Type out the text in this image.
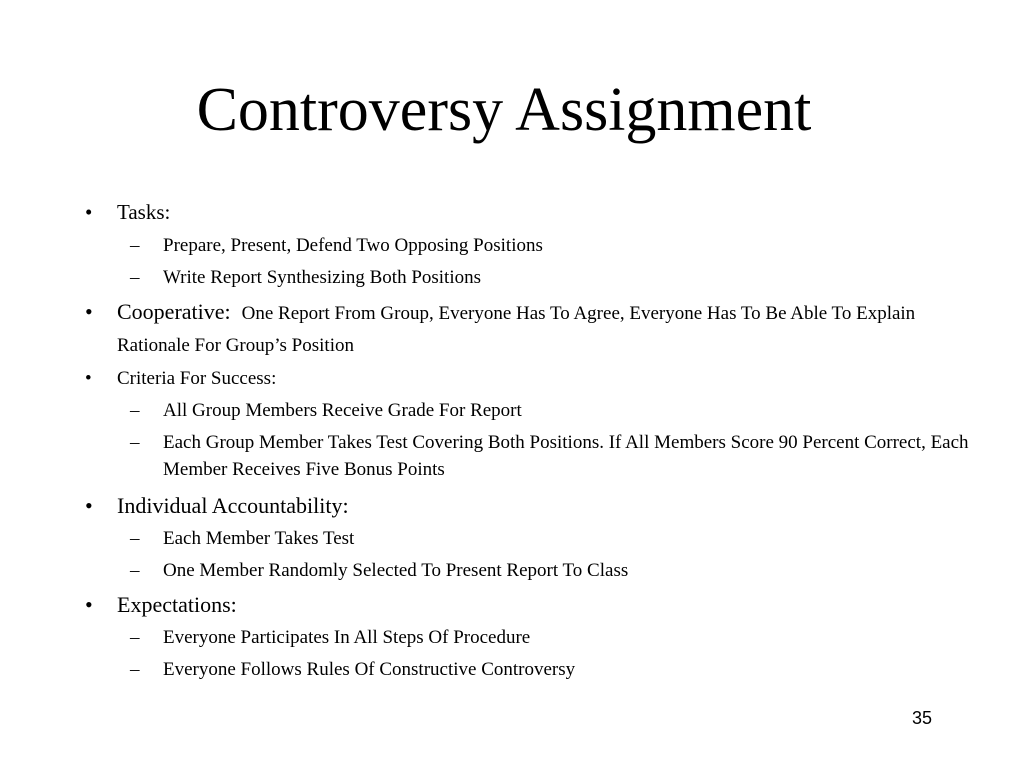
Controversy Assignment
• Tasks:
– Prepare, Present, Defend Two Opposing Positions
– Write Report Synthesizing Both Positions
• Cooperative: One Report From Group, Everyone Has To Agree, Everyone Has To Be Able To Explain Rationale For Group’s Position
• Criteria For Success:
– All Group Members Receive Grade For Report
– Each Group Member Takes Test Covering Both Positions. If All Members Score 90 Percent Correct, Each Member Receives Five Bonus Points
• Individual Accountability:
– Each Member Takes Test
– One Member Randomly Selected To Present Report To Class
• Expectations:
– Everyone Participates In All Steps Of Procedure
– Everyone Follows Rules Of Constructive Controversy
35
